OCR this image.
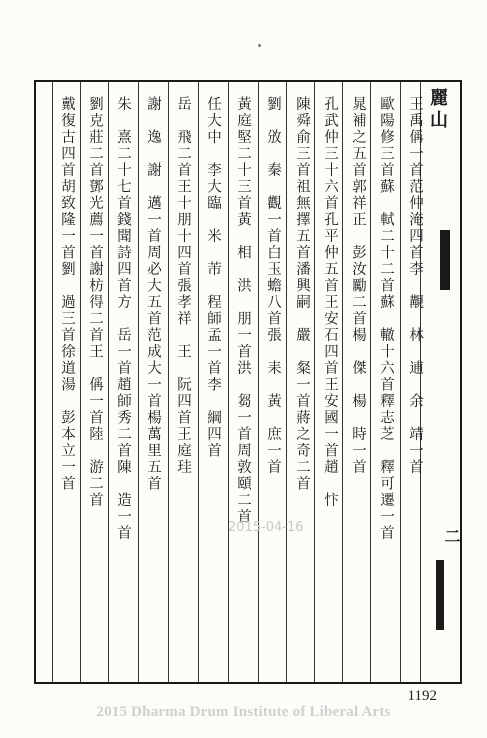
麗山
二
王禹偁一首范仲淹四首李　覯　林　逋　余　靖一首
歐陽修三首蘇　軾二十二首蘇　轍十六首釋志芝　釋可遷一首
晁補之五首郭祥正　彭汝勵二首楊　傑　楊　時一首
孔武仲三十六首孔平仲五首王安石四首王安國一首趙　忭
陳舜俞三首祖無擇五首潘興嗣　嚴　粲一首蔣之奇二首
劉　攽　秦　觀一首白玉蟾八首張　耒　黃　庶一首
黃庭堅二十三首黃　相　洪　朋一首洪　芻一首周敦頤二首
任大中　李大臨　米　芾　程師孟一首李　綱四首
岳　飛二首王十朋十四首張孝祥　王　阮四首王庭珪
謝　逸　謝　邁一首周必大五首范成大一首楊萬里五首
朱　熹二十七首錢聞詩四首方　岳一首趙師秀二首陳　造一首
劉克莊二首鄧光薦一首謝枋得二首王　偁一首陸　游二首
戴復古四首胡致隆一首劉　過三首徐道湯　彭本立一首
2015-04-16
1192
2015 Dharma Drum Institute of Liberal Arts
